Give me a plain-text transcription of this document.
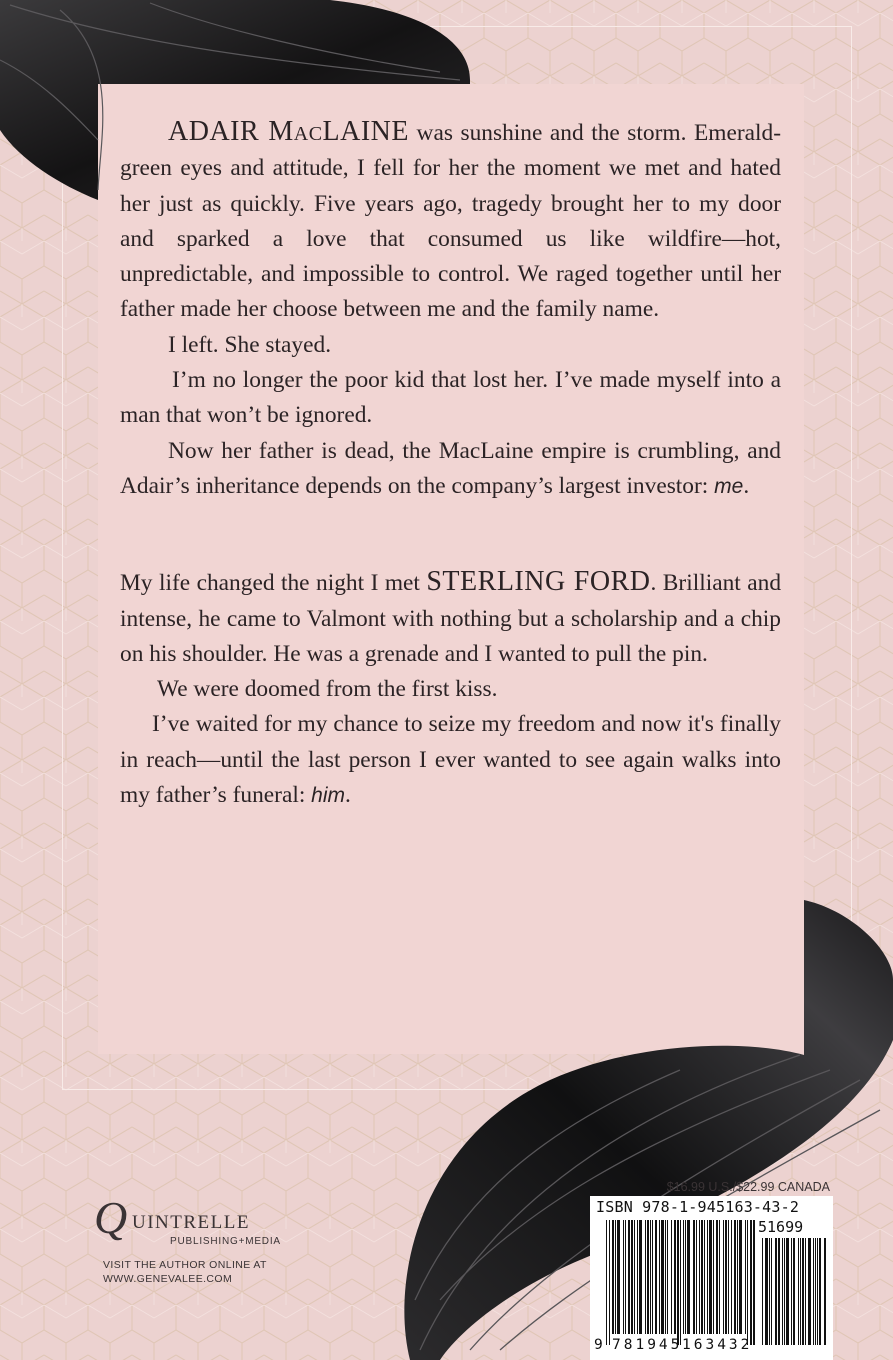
ADAIR MacLAINE was sunshine and the storm. Emerald-green eyes and attitude, I fell for her the moment we met and hated her just as quickly. Five years ago, tragedy brought her to my door and sparked a love that consumed us like wildfire—hot, unpredictable, and impossible to control. We raged together until her father made her choose between me and the family name.

I left. She stayed.

I’m no longer the poor kid that lost her. I’ve made myself into a man that won’t be ignored.

Now her father is dead, the MacLaine empire is crumbling, and Adair’s inheritance depends on the company’s largest investor: me.

My life changed the night I met STERLING FORD. Brilliant and intense, he came to Valmont with nothing but a scholarship and a chip on his shoulder. He was a grenade and I wanted to pull the pin.

We were doomed from the first kiss.

I’ve waited for my chance to seize my freedom and now it's finally in reach—until the last person I ever wanted to see again walks into my father’s funeral: him.

Q UINTRELLE
PUBLISHING+MEDIA
VISIT THE AUTHOR ONLINE AT
WWW.GENEVALEE.COM
$16.99 U.S./$22.99 CANADA
ISBN 978-1-945163-43-2
51699
9 781945 163432
